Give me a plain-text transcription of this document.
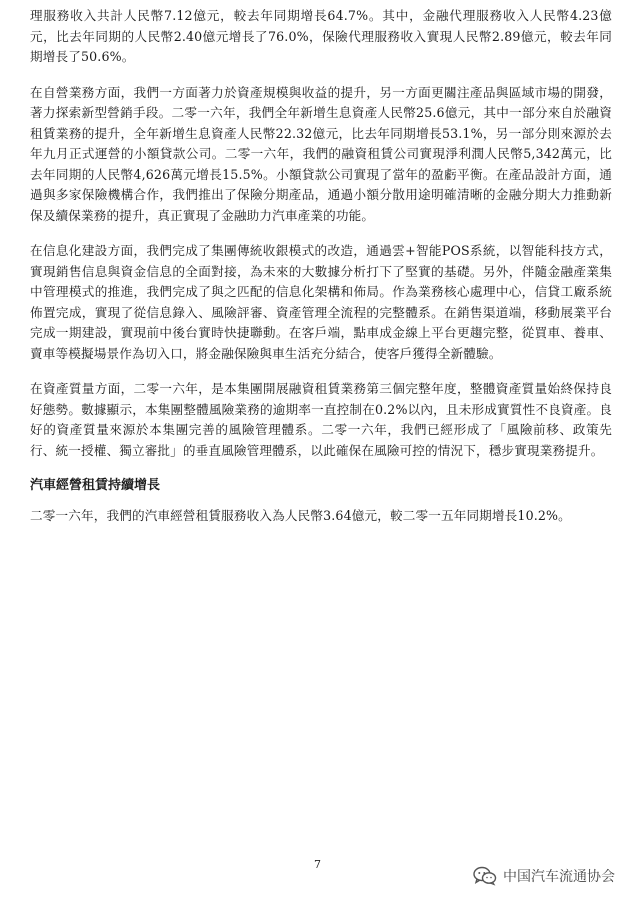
理服務收入共計人民幣7.12億元，較去年同期增長64.7%。其中，金融代理服務收入人民幣4.23億元，比去年同期的人民幣2.40億元增長了76.0%，保險代理服務收入實現人民幣2.89億元，較去年同期增長了50.6%。

在自營業務方面，我們一方面著力於資產規模與收益的提升，另一方面更關注產品與區域市場的開發，著力探索新型營銷手段。二零一六年，我們全年新增生息資產人民幣25.6億元，其中一部分來自於融資租賃業務的提升，全年新增生息資產人民幣22.32億元，比去年同期增長53.1%，另一部分則來源於去年九月正式運營的小額貸款公司。二零一六年，我們的融資租賃公司實現淨利潤人民幣5,342萬元，比去年同期的人民幣4,626萬元增長15.5%。小額貸款公司實現了當年的盈虧平衡。在產品設計方面，通過與多家保險機構合作，我們推出了保險分期產品，通過小額分散用途明確清晰的金融分期大力推動新保及續保業務的提升，真正實現了金融助力汽車產業的功能。

在信息化建設方面，我們完成了集團傳統收銀模式的改造，通過雲+智能POS系統，以智能科技方式，實現銷售信息與資金信息的全面對接，為未來的大數據分析打下了堅實的基礎。另外，伴隨金融產業集中管理模式的推進，我們完成了與之匹配的信息化架構和佈局。作為業務核心處理中心，信貸工廠系統佈置完成，實現了從信息錄入、風險評審、資產管理全流程的完整體系。在銷售渠道端，移動展業平台完成一期建設，實現前中後台實時快捷聯動。在客戶端，點車成金線上平台更趨完整，從買車、養車、賣車等模擬場景作為切入口，將金融保險與車生活充分結合，使客戶獲得全新體驗。

在資產質量方面，二零一六年，是本集團開展融資租賃業務第三個完整年度，整體資產質量始終保持良好態勢。數據顯示，本集團整體風險業務的逾期率一直控制在0.2%以內，且未形成實質性不良資產。良好的資產質量來源於本集團完善的風險管理體系。二零一六年，我們已經形成了「風險前移、政策先行、統一授權、獨立審批」的垂直風險管理體系，以此確保在風險可控的情況下，穩步實現業務提升。

汽車經營租賃持續增長

二零一六年，我們的汽車經營租賃服務收入為人民幣3.64億元，較二零一五年同期增長10.2%。

7
中国汽车流通协会
